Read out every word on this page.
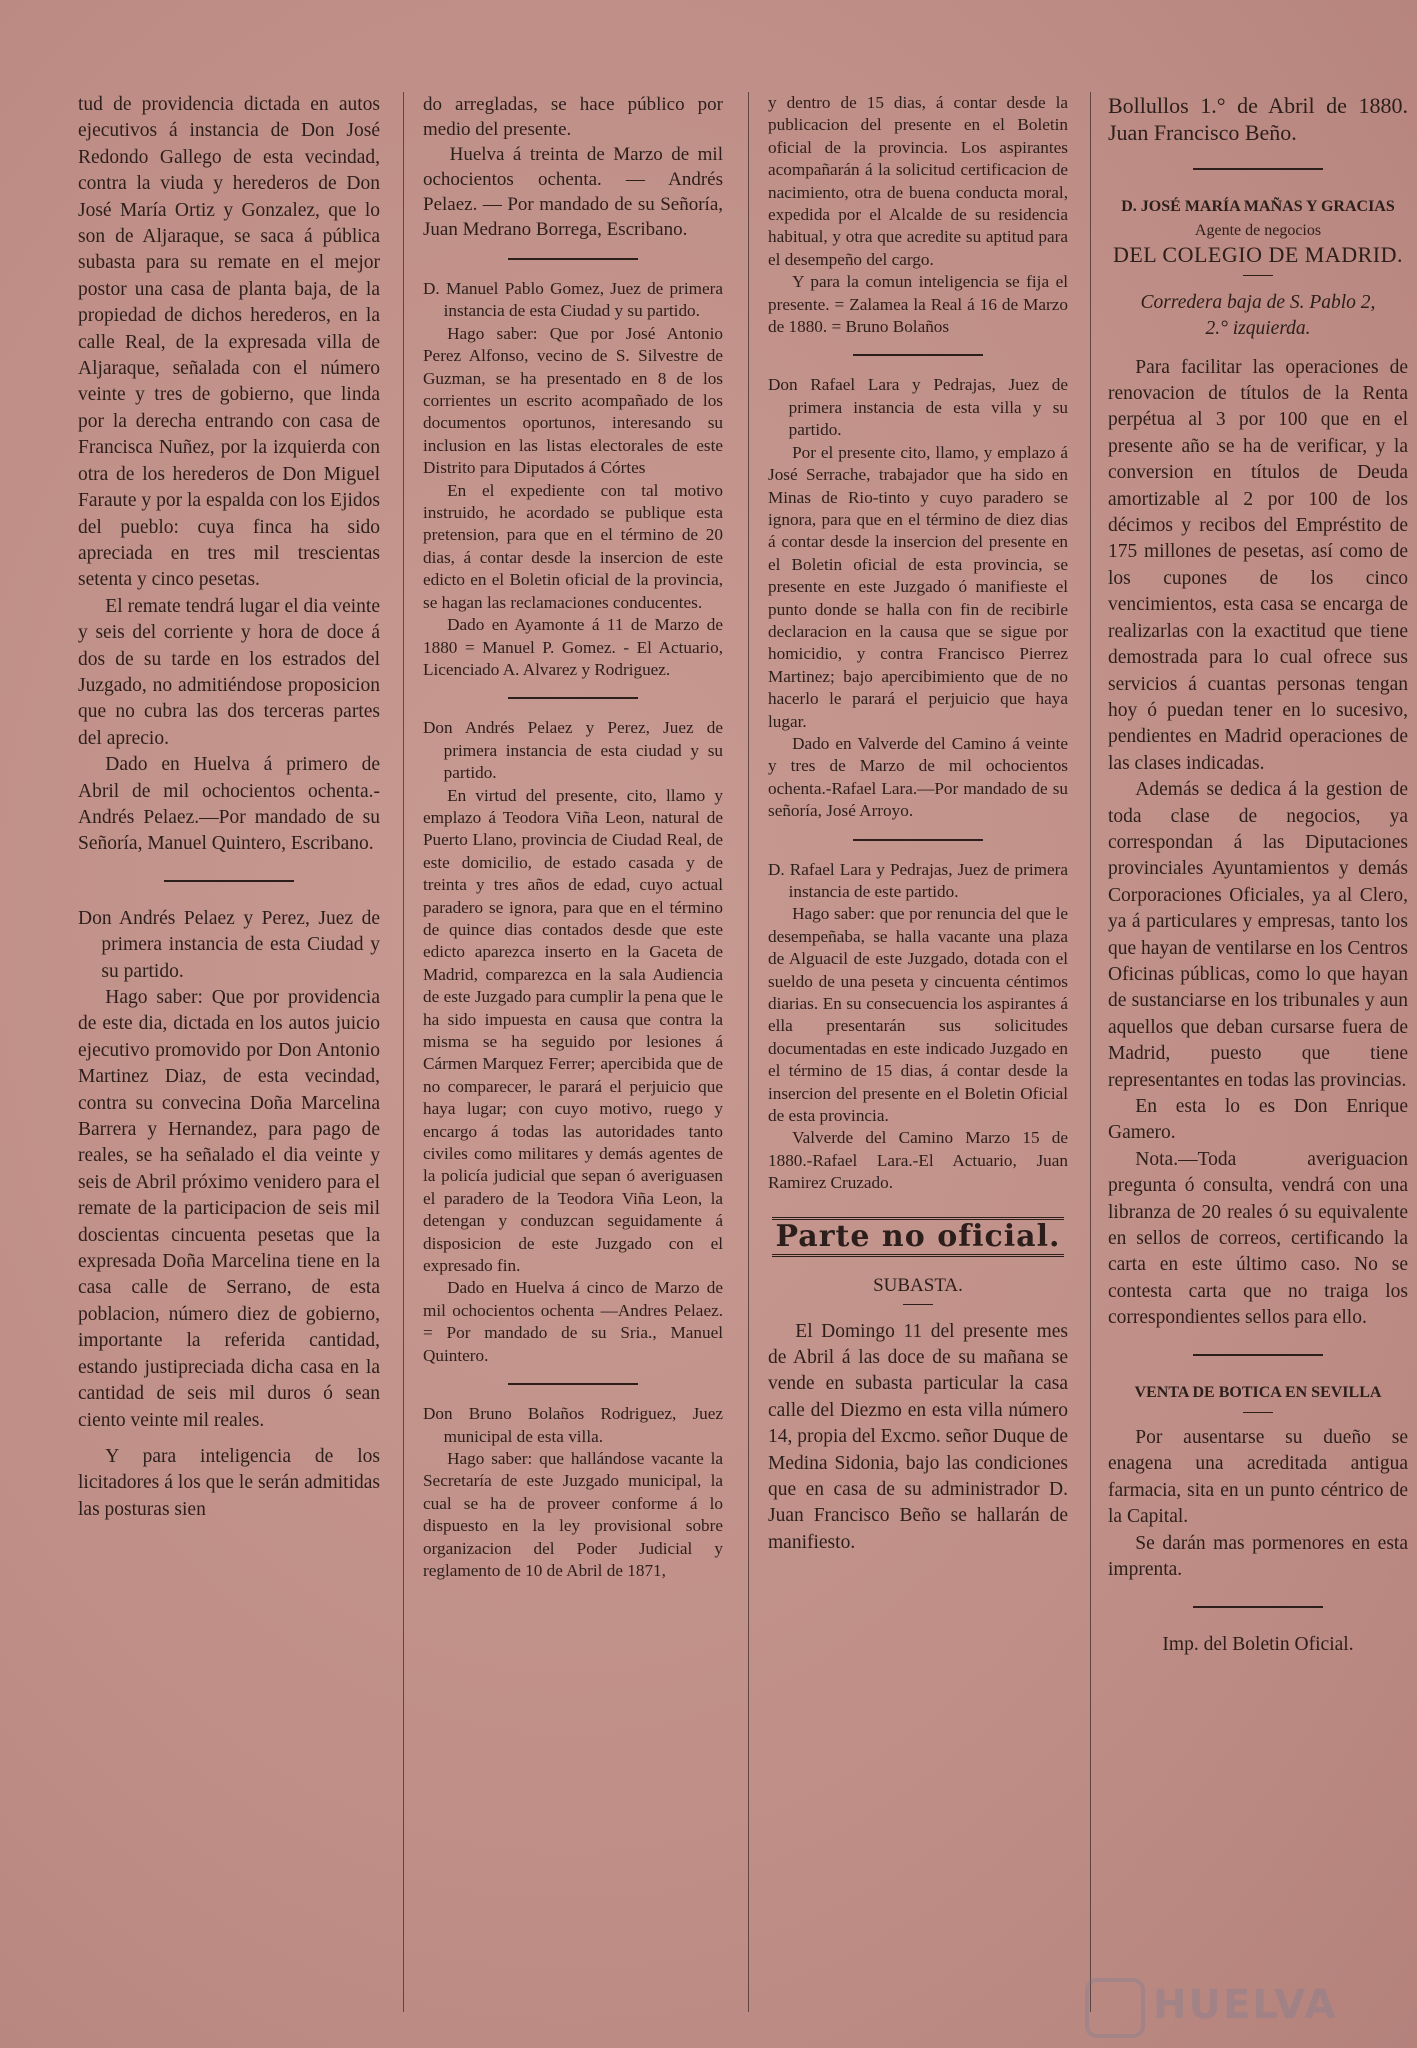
tud de providencia dictada en autos ejecutivos á instancia de Don José Redondo Gallego de esta vecindad, contra la viuda y herederos de Don José María Ortiz y Gonzalez, que lo son de Aljaraque, se saca á pública subasta para su remate en el mejor postor una casa de planta baja, de la propiedad de dichos herederos, en la calle Real, de la expresada villa de Aljaraque, señalada con el número veinte y tres de gobierno, que linda por la derecha entrando con casa de Francisca Nuñez, por la izquierda con otra de los herederos de Don Miguel Faraute y por la espalda con los Ejidos del pueblo: cuya finca ha sido apreciada en tres mil trescientas setenta y cinco pesetas.

El remate tendrá lugar el dia veinte y seis del corriente y hora de doce á dos de su tarde en los estrados del Juzgado, no admitiéndose proposicion que no cubra las dos terceras partes del aprecio.

Dado en Huelva á primero de Abril de mil ochocientos ochenta.-Andrés Pelaez.—Por mandado de su Señoría, Manuel Quintero, Escribano.

Don Andrés Pelaez y Perez, Juez de primera instancia de esta Ciudad y su partido.

Hago saber: Que por providencia de este dia, dictada en los autos juicio ejecutivo promovido por Don Antonio Martinez Diaz, de esta vecindad, contra su convecina Doña Marcelina Barrera y Hernandez, para pago de reales, se ha señalado el dia veinte y seis de Abril próximo venidero para el remate de la participacion de seis mil doscientas cincuenta pesetas que la expresada Doña Marcelina tiene en la casa calle de Serrano, de esta poblacion, número diez de gobierno, importante la referida cantidad, estando justipreciada dicha casa en la cantidad de seis mil duros ó sean ciento veinte mil reales.

Y para inteligencia de los licitadores á los que le serán admitidas las posturas sien

do arregladas, se hace público por medio del presente.

Huelva á treinta de Marzo de mil ochocientos ochenta. — Andrés Pelaez. — Por mandado de su Señoría, Juan Medrano Borrega, Escribano.

D. Manuel Pablo Gomez, Juez de primera instancia de esta Ciudad y su partido.

Hago saber: Que por José Antonio Perez Alfonso, vecino de S. Silvestre de Guzman, se ha presentado en 8 de los corrientes un escrito acompañado de los documentos oportunos, interesando su inclusion en las listas electorales de este Distrito para Diputados á Córtes

En el expediente con tal motivo instruido, he acordado se publique esta pretension, para que en el término de 20 dias, á contar desde la insercion de este edicto en el Boletin oficial de la provincia, se hagan las reclamaciones conducentes.

Dado en Ayamonte á 11 de Marzo de 1880 = Manuel P. Gomez. - El Actuario, Licenciado A. Alvarez y Rodriguez.

Don Andrés Pelaez y Perez, Juez de primera instancia de esta ciudad y su partido.

En virtud del presente, cito, llamo y emplazo á Teodora Viña Leon, natural de Puerto Llano, provincia de Ciudad Real, de este domicilio, de estado casada y de treinta y tres años de edad, cuyo actual paradero se ignora, para que en el término de quince dias contados desde que este edicto aparezca inserto en la Gaceta de Madrid, comparezca en la sala Audiencia de este Juzgado para cumplir la pena que le ha sido impuesta en causa que contra la misma se ha seguido por lesiones á Cármen Marquez Ferrer; apercibida que de no comparecer, le parará el perjuicio que haya lugar; con cuyo motivo, ruego y encargo á todas las autoridades tanto civiles como militares y demás agentes de la policía judicial que sepan ó averiguasen el paradero de la Teodora Viña Leon, la detengan y conduzcan seguidamente á disposicion de este Juzgado con el expresado fin.

Dado en Huelva á cinco de Marzo de mil ochocientos ochenta —Andres Pelaez. = Por mandado de su Sria., Manuel Quintero.

Don Bruno Bolaños Rodriguez, Juez municipal de esta villa.

Hago saber: que hallándose vacante la Secretaría de este Juzgado municipal, la cual se ha de proveer conforme á lo dispuesto en la ley provisional sobre organizacion del Poder Judicial y reglamento de 10 de Abril de 1871,

y dentro de 15 dias, á contar desde la publicacion del presente en el Boletin oficial de la provincia. Los aspirantes acompañarán á la solicitud certificacion de nacimiento, otra de buena conducta moral, expedida por el Alcalde de su residencia habitual, y otra que acredite su aptitud para el desempeño del cargo.

Y para la comun inteligencia se fija el presente. = Zalamea la Real á 16 de Marzo de 1880. = Bruno Bolaños

Don Rafael Lara y Pedrajas, Juez de primera instancia de esta villa y su partido.

Por el presente cito, llamo, y emplazo á José Serrache, trabajador que ha sido en Minas de Rio-tinto y cuyo paradero se ignora, para que en el término de diez dias á contar desde la insercion del presente en el Boletin oficial de esta provincia, se presente en este Juzgado ó manifieste el punto donde se halla con fin de recibirle declaracion en la causa que se sigue por homicidio, y contra Francisco Pierrez Martinez; bajo apercibimiento que de no hacerlo le parará el perjuicio que haya lugar.

Dado en Valverde del Camino á veinte y tres de Marzo de mil ochocientos ochenta.-Rafael Lara.—Por mandado de su señoría, José Arroyo.

D. Rafael Lara y Pedrajas, Juez de primera instancia de este partido.

Hago saber: que por renuncia del que le desempeñaba, se halla vacante una plaza de Alguacil de este Juzgado, dotada con el sueldo de una peseta y cincuenta céntimos diarias. En su consecuencia los aspirantes á ella presentarán sus solicitudes documentadas en este indicado Juzgado en el término de 15 dias, á contar desde la insercion del presente en el Boletin Oficial de esta provincia.

Valverde del Camino Marzo 15 de 1880.-Rafael Lara.-El Actuario, Juan Ramirez Cruzado.

Parte no oficial.

SUBASTA.

El Domingo 11 del presente mes de Abril á las doce de su mañana se vende en subasta particular la casa calle del Diezmo en esta villa número 14, propia del Excmo. señor Duque de Medina Sidonia, bajo las condiciones que en casa de su administrador D. Juan Francisco Beño se hallarán de manifiesto.

Bollullos 1.° de Abril de 1880. Juan Francisco Beño.

D. JOSÉ MARÍA MAÑAS Y GRACIAS

Agente de negocios

DEL COLEGIO DE MADRID.

Corredera baja de S. Pablo 2,

2.° izquierda.

Para facilitar las operaciones de renovacion de títulos de la Renta perpétua al 3 por 100 que en el presente año se ha de verificar, y la conversion en títulos de Deuda amortizable al 2 por 100 de los décimos y recibos del Empréstito de 175 millones de pesetas, así como de los cupones de los cinco vencimientos, esta casa se encarga de realizarlas con la exactitud que tiene demostrada para lo cual ofrece sus servicios á cuantas personas tengan hoy ó puedan tener en lo sucesivo, pendientes en Madrid operaciones de las clases indicadas.

Además se dedica á la gestion de toda clase de negocios, ya correspondan á las Diputaciones provinciales Ayuntamientos y demás Corporaciones Oficiales, ya al Clero, ya á particulares y empresas, tanto los que hayan de ventilarse en los Centros Oficinas públicas, como lo que hayan de sustanciarse en los tribunales y aun aquellos que deban cursarse fuera de Madrid, puesto que tiene representantes en todas las provincias.

En esta lo es Don Enrique Gamero.

Nota.—Toda averiguacion pregunta ó consulta, vendrá con una libranza de 20 reales ó su equivalente en sellos de correos, certificando la carta en este último caso. No se contesta carta que no traiga los correspondientes sellos para ello.

VENTA DE BOTICA EN SEVILLA

Por ausentarse su dueño se enagena una acreditada antigua farmacia, sita en un punto céntrico de la Capital.

Se darán mas pormenores en esta imprenta.

Imp. del Boletin Oficial.

HUELVA
